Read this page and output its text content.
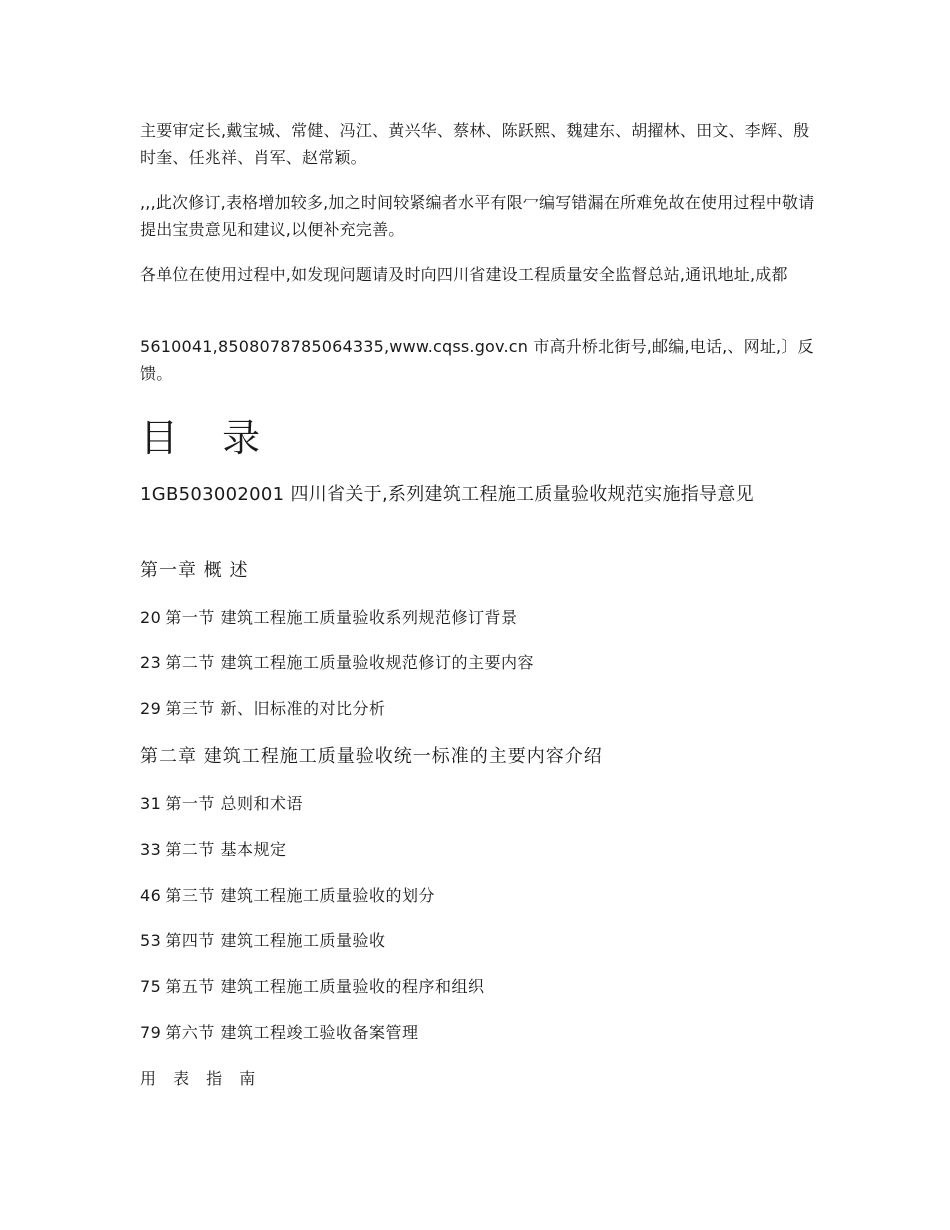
主要审定长,戴宝城、常健、冯江、黄兴华、蔡林、陈跃熙、魏建东、胡擢林、田文、李辉、殷时奎、任兆祥、肖军、赵常颖。

,,,此次修订,表格增加较多,加之时间较紧编者水平有限冖编写错漏在所难免故在使用过程中敬请提出宝贵意见和建议,以便补充完善。

各单位在使用过程中,如发现问题请及时向四川省建设工程质量安全监督总站,通讯地址,成都

5610041,8508078785064335,www.cqss.gov.cn 市高升桥北街号,邮编,电话,、网址,〕反馈。

目 录

1GB503002001 四川省关于,系列建筑工程施工质量验收规范实施指导意见

第一章 概 述

20 第一节 建筑工程施工质量验收系列规范修订背景

23 第二节 建筑工程施工质量验收规范修订的主要内容

29 第三节 新、旧标准的对比分析

第二章 建筑工程施工质量验收统一标准的主要内容介绍

31 第一节 总则和术语

33 第二节 基本规定

46 第三节 建筑工程施工质量验收的划分

53 第四节 建筑工程施工质量验收

75 第五节 建筑工程施工质量验收的程序和组织

79 第六节 建筑工程竣工验收备案管理

用 表 指 南
